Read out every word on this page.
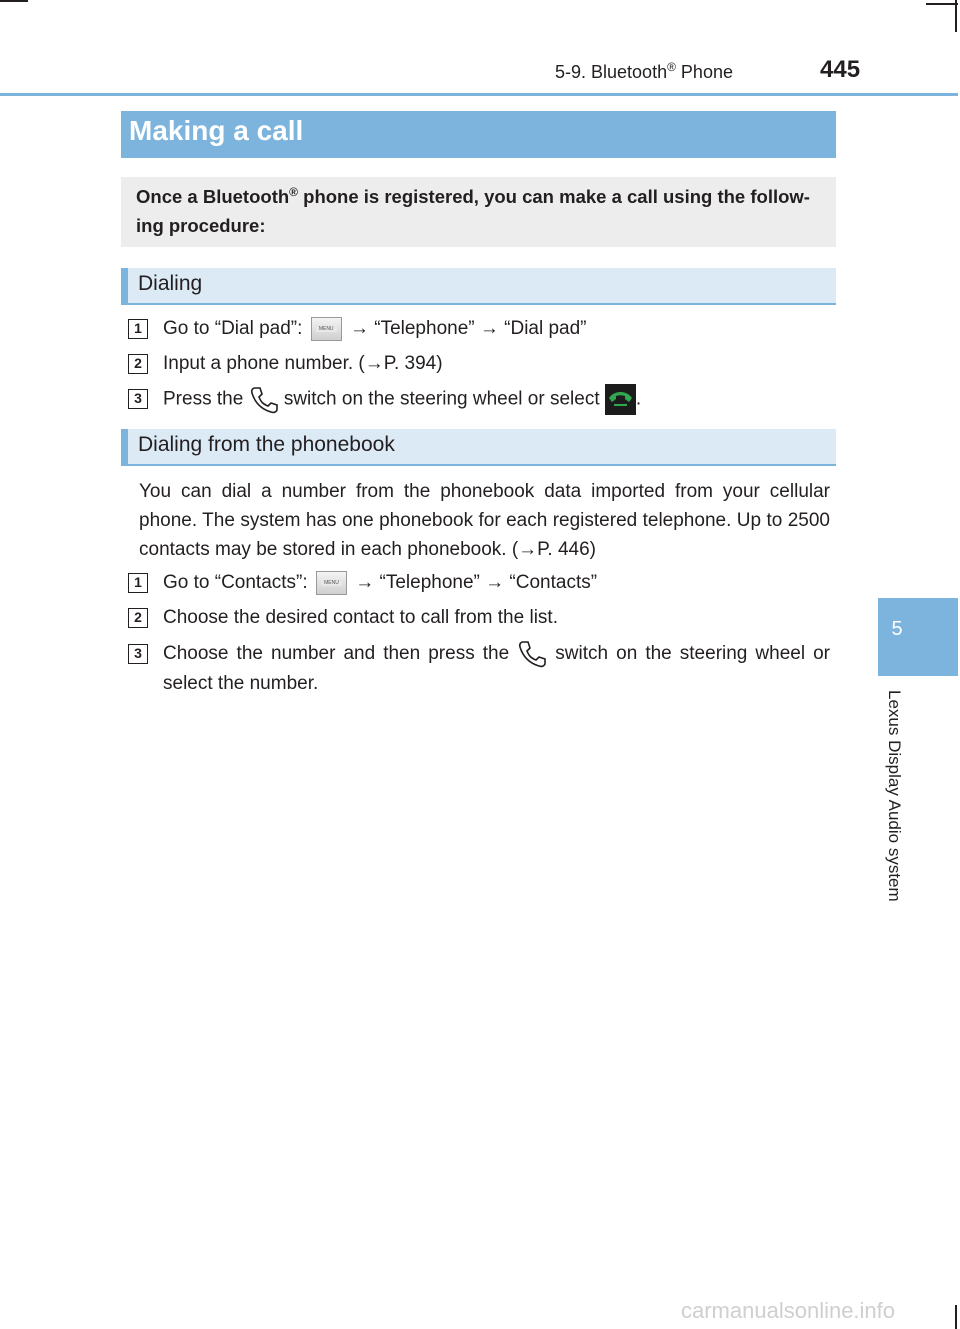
5-9. Bluetooth® Phone	445
5
Lexus Display Audio system
Making a call
Once a Bluetooth® phone is registered, you can make a call using the follow-ing procedure:
Dialing
1	Go to “Dial pad”:	MENU → “Telephone” → “Dial pad”
2	Input a phone number. (→P. 394)
3	Press the switch on the steering wheel or select .
Dialing from the phonebook
You can dial a number from the phonebook data imported from your cellular phone. The system has one phonebook for each registered telephone. Up to 2500 contacts may be stored in each phonebook. (→P. 446)
1	Go to “Contacts”:	MENU → “Telephone” → “Contacts”
2	Choose the desired contact to call from the list.
3	Choose the number and then press the switch on the steering wheel or select the number.
carmanualsonline.info
